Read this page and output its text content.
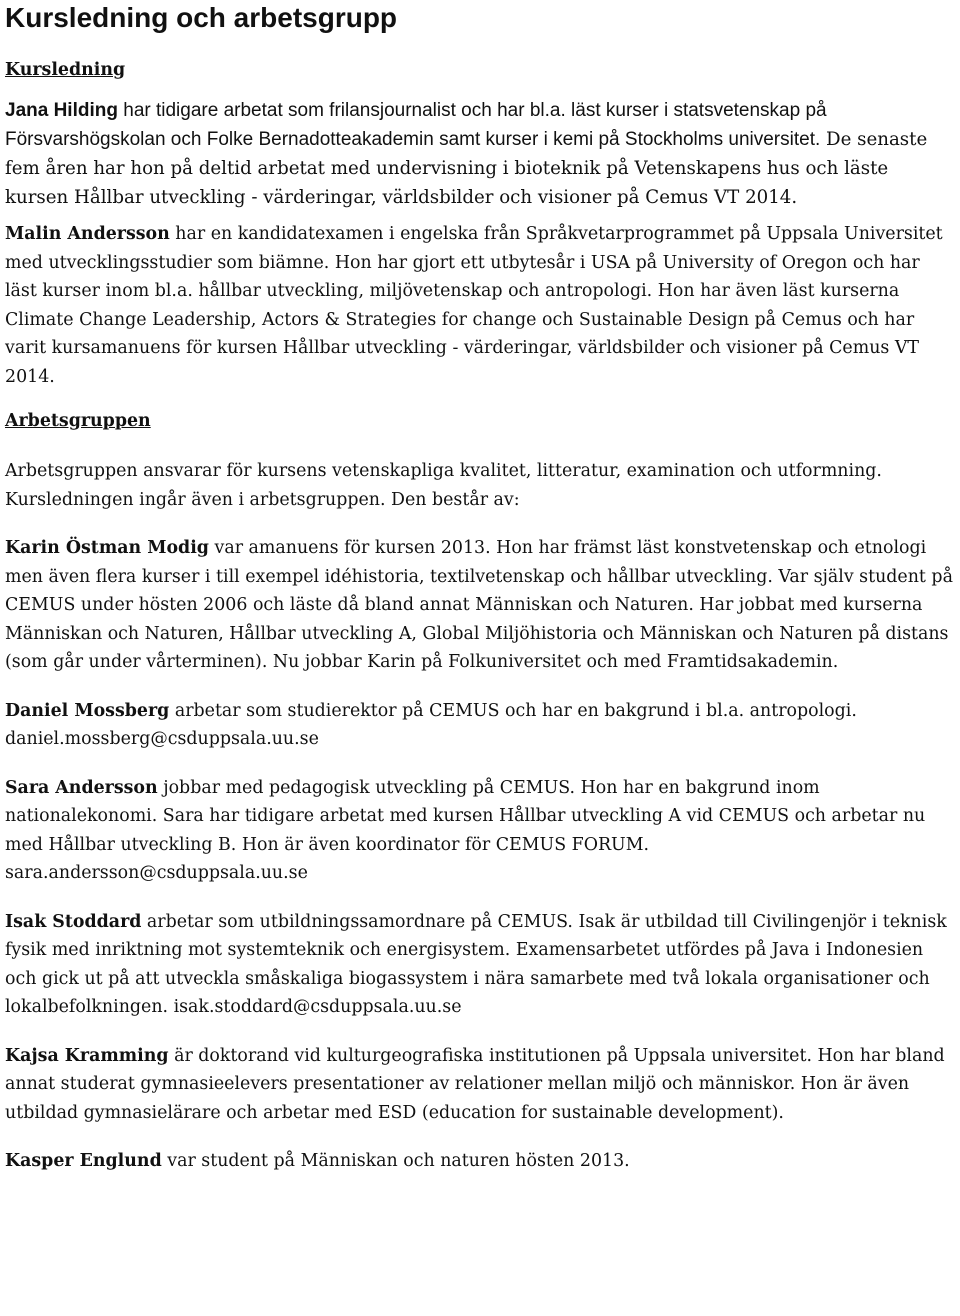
Kursledning och arbetsgrupp
Kursledning

Jana Hilding har tidigare arbetat som frilansjournalist och har bl.a. läst kurser i statsvetenskap på Försvarshögskolan och Folke Bernadotteakademin samt kurser i kemi på Stockholms universitet. De senaste fem åren har hon på deltid arbetat med undervisning i bioteknik på Vetenskapens hus och läste kursen Hållbar utveckling - värderingar, världsbilder och visioner på Cemus VT 2014.

Malin Andersson har en kandidatexamen i engelska från Språkvetarprogrammet på Uppsala Universitet med utvecklingsstudier som biämne. Hon har gjort ett utbytesår i USA på University of Oregon och har läst kurser inom bl.a. hållbar utveckling, miljövetenskap och antropologi. Hon har även läst kurserna Climate Change Leadership, Actors & Strategies for change och Sustainable Design på Cemus och har varit kursamanuens för kursen Hållbar utveckling - värderingar, världsbilder och visioner på Cemus VT 2014.

Arbetsgruppen

Arbetsgruppen ansvarar för kursens vetenskapliga kvalitet, litteratur, examination och utformning. Kursledningen ingår även i arbetsgruppen. Den består av:

Karin Östman Modig var amanuens för kursen 2013. Hon har främst läst konstvetenskap och etnologi men även flera kurser i till exempel idéhistoria, textilvetenskap och hållbar utveckling. Var själv student på CEMUS under hösten 2006 och läste då bland annat Människan och Naturen. Har jobbat med kurserna Människan och Naturen, Hållbar utveckling A, Global Miljöhistoria och Människan och Naturen på distans (som går under vårterminen). Nu jobbar Karin på Folkuniversitet och med Framtidsakademin.

Daniel Mossberg arbetar som studierektor på CEMUS och har en bakgrund i bl.a. antropologi. daniel.mossberg@csduppsala.uu.se

Sara Andersson jobbar med pedagogisk utveckling på CEMUS. Hon har en bakgrund inom nationalekonomi. Sara har tidigare arbetat med kursen Hållbar utveckling A vid CEMUS och arbetar nu med Hållbar utveckling B. Hon är även koordinator för CEMUS FORUM. sara.andersson@csduppsala.uu.se

Isak Stoddard arbetar som utbildningssamordnare på CEMUS. Isak är utbildad till Civilingenjör i teknisk fysik med inriktning mot systemteknik och energisystem. Examensarbetet utfördes på Java i Indonesien och gick ut på att utveckla småskaliga biogassystem i nära samarbete med två lokala organisationer och lokalbefolkningen. isak.stoddard@csduppsala.uu.se

Kajsa Kramming är doktorand vid kulturgeografiska institutionen på Uppsala universitet. Hon har bland annat studerat gymnasieelevers presentationer av relationer mellan miljö och människor. Hon är även utbildad gymnasielärare och arbetar med ESD (education for sustainable development).

Kasper Englund var student på Människan och naturen hösten 2013.
